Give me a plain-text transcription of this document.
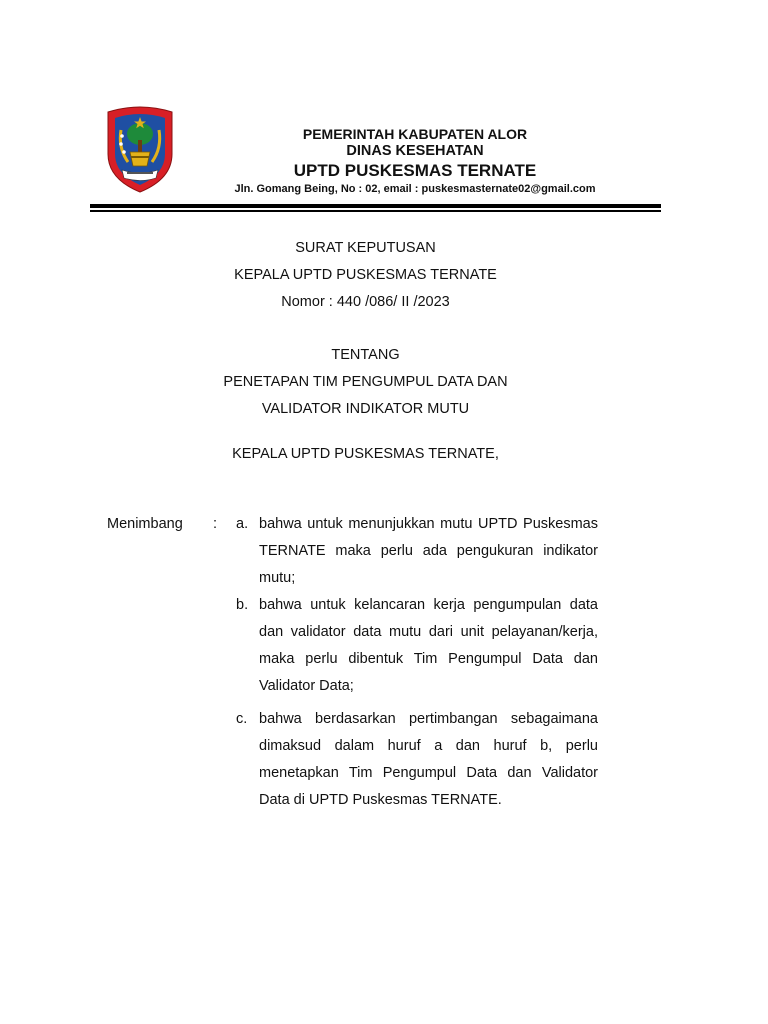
PEMERINTAH KABUPATEN ALOR
DINAS KESEHATAN
UPTD PUSKESMAS TERNATE
Jln. Gomang Being, No : 02, email : puskesmasternate02@gmail.com
SURAT KEPUTUSAN
KEPALA UPTD PUSKESMAS TERNATE
Nomor : 440 /086/ II /2023
TENTANG
PENETAPAN TIM PENGUMPUL DATA DAN
VALIDATOR INDIKATOR MUTU
KEPALA UPTD PUSKESMAS TERNATE,
Menimbang : a. bahwa untuk menunjukkan mutu UPTD Puskesmas TERNATE maka perlu ada pengukuran indikator mutu;
b. bahwa untuk kelancaran kerja pengumpulan data dan validator data mutu dari unit pelayanan/kerja, maka perlu dibentuk Tim Pengumpul Data dan Validator Data;
c. bahwa berdasarkan pertimbangan sebagaimana dimaksud dalam huruf a dan huruf b, perlu menetapkan Tim Pengumpul Data dan Validator Data di UPTD Puskesmas TERNATE.
